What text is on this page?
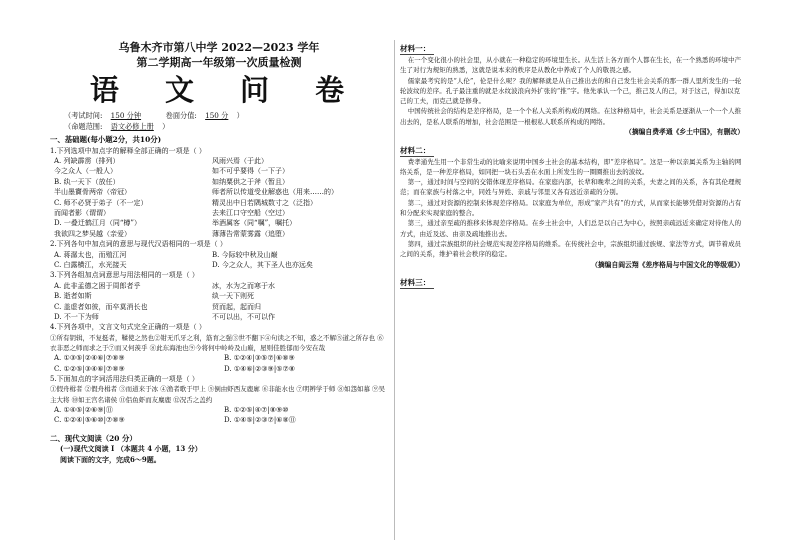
乌鲁木齐市第八中学 2022—2023 学年
第二学期高一年级第一次质量检测
语 文 问 卷
（考试时间: 150 分钟	卷面分值: 150 分 ）
（命题范围: 语文必修上册 ）
一、基础题(每小题2分，共10分)
1.下列选项中加点字的解释全部正确的一项是（ ）
A. 列缺霹雳（排列）	风雨兴焉（于此）
今之众人（一般人）	如不可乎要得（一下子）
B. 纨一天下（放任）	如纳粟供之于斧（暂且）
半山墨竇骨两帝（帝冠）	师者所以传道受业解惑也（用来……的）
C. 师不必贤于弟子（不一定）	精灵出中日若隅城数寸之（泛指）
而闻者影（谓谓）	去来江口守空船（空过）
D. 一叠迁鹤江月（同“樽”）	举酒属客（同“嘱”，嘱托）
我欲四之梦吴越（亲爱）	薄薄告常蒙雾露（追堕）
2.下列各句中加点词的意思与现代汉语相同的一项是（ ）
A. 蒋潺太也，而殖江河	B. 今际较中秋及山巅
C. 白露横江，水光接天	D. 今之众人，其下圣人也亦远矣
3.下列各组加点词意思与用法相同的一项是（ ）
A. 此非孟德之困于周郎者乎	冰，水为之而寒于水
B. 逝者如斯	纨一天下则死
C. 盖虚者如彼，而卒莫消长也	贸而起，起而归
D. 不一下为师	不可以出，不可以作
4.下列各项中，文言文句式完全正确的一项是（ ）
①所有钥辑，不复挺者，鞣使之然也②钳无爪牙之利，筋育之强③世不翻下④句读之不知，惑之不解⑤道之所存也 ⑥衣非恶之师而求之于⑦而又何羡乎 ⑧此东海池也⑨今将何中岭岭及山巅，屋则佳胜郁而今安在哉
A. ①③⑤|②④⑥|⑦⑧⑨	B. ①②④|③⑤⑦|⑥⑧⑨
C. ①②⑤|③④⑥|⑦⑧⑨	D. ①④⑥|②③⑨|⑤⑦⑧
5.下面加点的字词活用法归类正确的一项是（ ）
①假舟楫者 ②假舟楫者 ③而道来于冰 ④渔者歌于甲上 ⑤倒由虾西友鹿廓 ⑥非能水也 ⑦明辨学于师 ⑧如怨如慕 ⑨吴主大将 ⑩如王宫名诸侯 ⑪侣鱼虾而友麋鹿 ⑫况舌之盖约
A. ①④⑤|②⑥⑨|⑪	B. ①②⑤|④⑦|⑧⑨⑩
C. ①②④|⑤⑥⑩|⑦⑧⑨	D. ①④⑤|②③⑦|⑥⑧⑪
二、现代文阅读（20 分）
(一)现代文阅读 I （本题共 4 小题，13 分）
阅读下面的文字，完成6～9题。
材料一：
在一个变化很小的社会里，从小就在一种稳定的环境里生长。从生活上各方面个人都在生长，在一个熟悉的环境中产生了对行为规矩的熟悉，这就是说本来的秩序是从教化中养成了个人的敬畏之感。
儒家最考究的是“人伦”，伦是什么呢？我的解释就是从自己推出去的和自己发生社会关系的那一群人里所发生的一轮轮波纹的差序。孔子最注重的就是水纹波浪向外扩张的“推”字。他先承认一个己，推己及人的己，对于这己，得加以克己的工夫，而克己就是修身。
中国传统社会的结构是差序格局，是一个个私人关系所构成的网络。在这种格局中，社会关系是逐渐从一个一个人推出去的，是私人联系的增加，社会范围是一根根私人联系所构成的网络。
（摘编自费孝通《乡土中国》，有删改）
材料二：
费孝通先生用一个非常生动的比喻来说明中国乡土社会的基本结构，即“差序格局”。这是一种以亲属关系为主轴的网络关系，是一种差序格局，如同把一块石头丢在水面上所发生的一圈圈推出去的波纹。
第一，通过时间与空间的交错体现差序格局。在家庭内部，长辈和晚辈之间的关系，夫妻之间的关系，各有其伦理规范；而在家族与村落之中，同姓与异姓、亲戚与邻里又各有远近亲疏的分别。
第二，通过对资源的控制来体现差序格局。以家庭为单位，形成“家产共有”的方式，从而家长能够凭借对资源的占有和分配来实现家庭的整合。
第三，通过亲至疏的推移来体现差序格局。在乡土社会中，人们总是以自己为中心，按照亲疏远近来确定对待他人的方式，由近及远、由亲及疏地推出去。
第四，通过宗族组织的社会规范实现差序格局的维系。在传统社会中，宗族组织通过族规、家法等方式，调节着成员之间的关系，维护着社会秩序的稳定。
（摘编自阎云翔《差序格局与中国文化的等级观》）
材料三：
